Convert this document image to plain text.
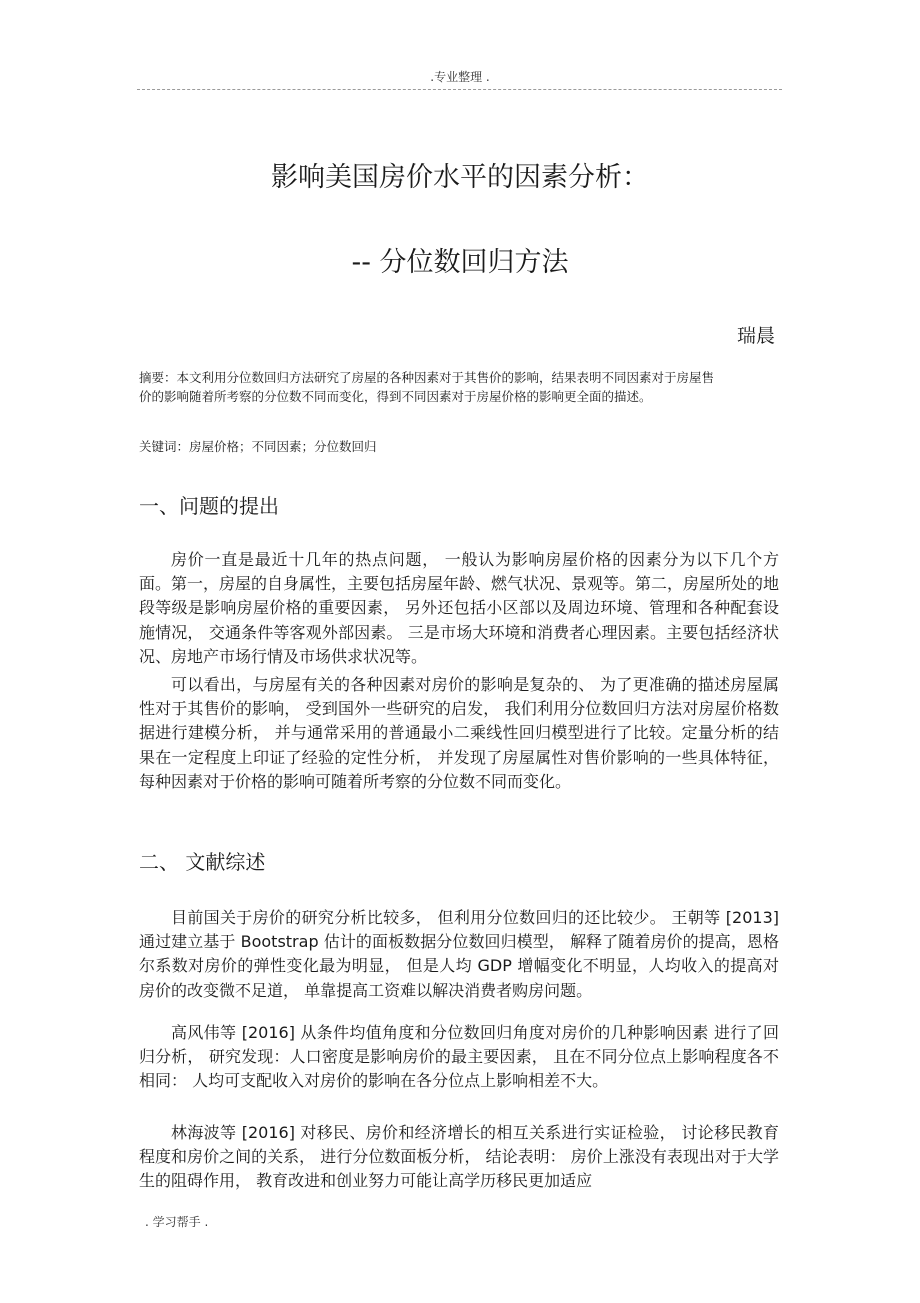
.专业整理 .
影响美国房价水平的因素分析：
-- 分位数回归方法
瑞晨

摘要：本文利用分位数回归方法研究了房屋的各种因素对于其售价的影响，结果表明不同因素对于房屋售价的影响随着所考察的分位数不同而变化，得到不同因素对于房屋价格的影响更全面的描述。

关键词：房屋价格；不同因素；分位数回归

一、问题的提出

房价一直是最近十几年的热点问题， 一般认为影响房屋价格的因素分为以下几个方面。第一，房屋的自身属性，主要包括房屋年龄、燃气状况、景观等。第二，房屋所处的地段等级是影响房屋价格的重要因素， 另外还包括小区部以及周边环境、管理和各种配套设施情况， 交通条件等客观外部因素。 三是市场大环境和消费者心理因素。主要包括经济状况、房地产市场行情及市场供求状况等。

可以看出，与房屋有关的各种因素对房价的影响是复杂的、 为了更准确的描述房屋属性对于其售价的影响， 受到国外一些研究的启发， 我们利用分位数回归方法对房屋价格数据进行建模分析， 并与通常采用的普通最小二乘线性回归模型进行了比较。定量分析的结果在一定程度上印证了经验的定性分析， 并发现了房屋属性对售价影响的一些具体特征， 每种因素对于价格的影响可随着所考察的分位数不同而变化。

二、 文献综述

目前国关于房价的研究分析比较多， 但利用分位数回归的还比较少。 王朝等 [2013] 通过建立基于 Bootstrap 估计的面板数据分位数回归模型， 解释了随着房价的提高，恩格尔系数对房价的弹性变化最为明显， 但是人均 GDP 增幅变化不明显，人均收入的提高对房价的改变微不足道， 单靠提高工资难以解决消费者购房问题。

高风伟等 [2016] 从条件均值角度和分位数回归角度对房价的几种影响因素 进行了回归分析， 研究发现：人口密度是影响房价的最主要因素， 且在不同分位点上影响程度各不相同： 人均可支配收入对房价的影响在各分位点上影响相差不大。

林海波等 [2016] 对移民、房价和经济增长的相互关系进行实证检验， 讨论移民教育程度和房价之间的关系， 进行分位数面板分析， 结论表明： 房价上涨没有表现出对于大学生的阻碍作用， 教育改进和创业努力可能让高学历移民更加适应

. 学习帮手 .
